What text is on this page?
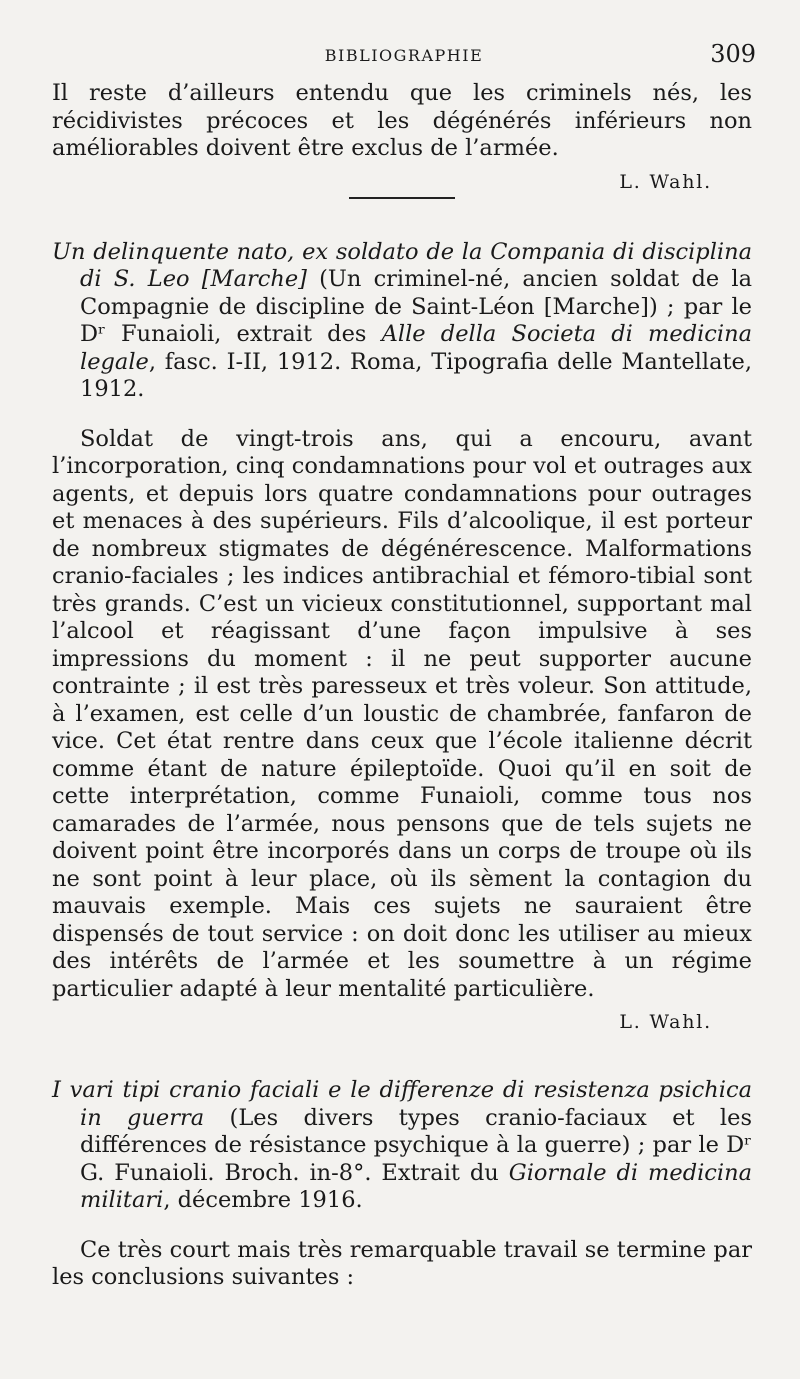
BIBLIOGRAPHIE	309

Il reste d’ailleurs entendu que les criminels nés, les récidivistes précoces et les dégénérés inférieurs non améliorables doivent être exclus de l’armée.

L. Wahl.

Un delinquente nato, ex soldato de la Compania di disciplina di S. Leo [Marche] (Un criminel-né, ancien soldat de la Compagnie de discipline de Saint-Léon [Marche]) ; par le Dʳ Funaioli, extrait des Alle della Societa di medicina legale, fasc. I-II, 1912. Roma, Tipografia delle Mantellate, 1912.

Soldat de vingt-trois ans, qui a encouru, avant l’incorporation, cinq condamnations pour vol et outrages aux agents, et depuis lors quatre condamnations pour outrages et menaces à des supérieurs. Fils d’alcoolique, il est porteur de nombreux stigmates de dégénérescence. Malformations cranio-faciales ; les indices antibrachial et fémoro-tibial sont très grands. C’est un vicieux constitutionnel, supportant mal l’alcool et réagissant d’une façon impulsive à ses impressions du moment : il ne peut supporter aucune contrainte ; il est très paresseux et très voleur. Son attitude, à l’examen, est celle d’un loustic de chambrée, fanfaron de vice. Cet état rentre dans ceux que l’école italienne décrit comme étant de nature épileptoïde. Quoi qu’il en soit de cette interprétation, comme Funaioli, comme tous nos camarades de l’armée, nous pensons que de tels sujets ne doivent point être incorporés dans un corps de troupe où ils ne sont point à leur place, où ils sèment la contagion du mauvais exemple. Mais ces sujets ne sauraient être dispensés de tout service : on doit donc les utiliser au mieux des intérêts de l’armée et les soumettre à un régime particulier adapté à leur mentalité particulière.

L. Wahl.

I vari tipi cranio faciali e le differenze di resistenza psichica in guerra (Les divers types cranio-faciaux et les différences de résistance psychique à la guerre) ; par le Dʳ G. Funaioli. Broch. in-8°. Extrait du Giornale di medicina militari, décembre 1916.

Ce très court mais très remarquable travail se termine par les conclusions suivantes :
